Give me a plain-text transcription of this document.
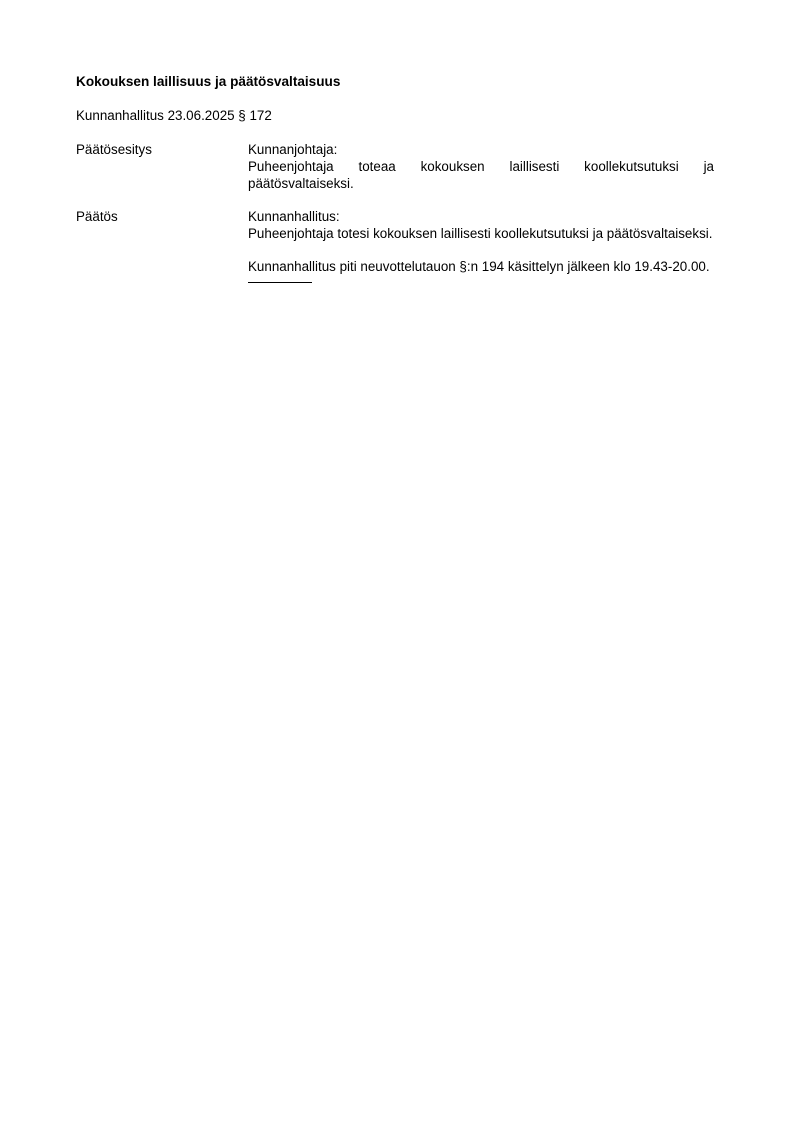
Kokouksen laillisuus ja päätösvaltaisuus

Kunnanhallitus 23.06.2025 § 172

Päätösesitys	Kunnanjohtaja:

Puheenjohtaja toteaa kokouksen laillisesti koollekutsutuksi ja päätösvaltaiseksi.

Päätös	Kunnanhallitus:

Puheenjohtaja totesi kokouksen laillisesti koollekutsutuksi ja päätösvaltaiseksi.

Kunnanhallitus piti neuvottelutauon §:n 194 käsittelyn jälkeen klo 19.43-20.00.
